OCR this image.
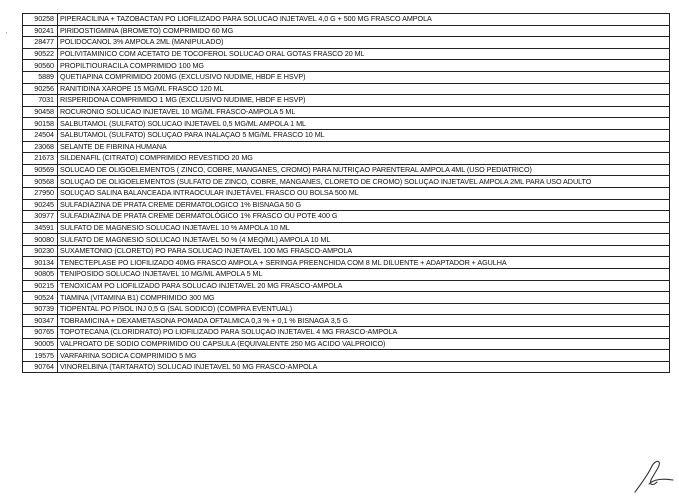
'
90258	PIPERACILINA + TAZOBACTAN PO LIOFILIZADO PARA SOLUCAO INJETAVEL 4,0 G + 500 MG FRASCO AMPOLA
90241	PIRIDOSTIGMINA (BROMETO) COMPRIMIDO 60 MG
28477	POLIDOCANOL 3% AMPOLA 2ML (MANIPULADO)
90522	POLIVITAMINICO COM ACETATO DE TOCOFEROL SOLUCAO ORAL GOTAS FRASCO 20 ML
90560	PROPILTIOURACILA COMPRIMIDO 100 MG
5889	QUETIAPINA COMPRIMIDO 200MG (EXCLUSIVO NUDIME, HBDF E HSVP)
90256	RANITIDINA XAROPE 15 MG/ML FRASCO 120 ML
7031	RISPERIDONA COMPRIMIDO 1 MG (EXCLUSIVO NUDIME, HBDF E HSVP)
90458	ROCURONIO SOLUCAO INJETAVEL 10 MG/ML FRASCO-AMPOLA 5 ML
90158	SALBUTAMOL (SULFATO) SOLUCAO INJETAVEL 0,5 MG/ML AMPOLA 1 ML
24504	SALBUTAMOL (SULFATO) SOLUÇAO PARA INALAÇAO 5 MG/ML FRASCO 10 ML
23068	SELANTE DE FIBRINA HUMANA
21673	SILDENAFIL (CITRATO) COMPRIMIDO REVESTIDO 20 MG
90569	SOLUCAO DE OLIGOELEMENTOS ( ZINCO, COBRE, MANGANES, CROMO) PARA NUTRIÇAO PARENTERAL AMPOLA 4ML (USO PEDIATRICO)
90568	SOLUÇAO DE OLIGOELEMENTOS (SULFATO DE ZINCO, COBRE, MANGANES, CLORETO DE CROMO) SOLUÇAO INJETAVEL AMPOLA 2ML PARA USO ADULTO
27950	SOLUÇAO SALINA BALANCEADA INTRAOCULAR INJETÁVEL FRASCO OU BOLSA 500 ML
90245	SULFADIAZINA DE PRATA CREME DERMATOLOGICO 1% BISNAGA 50 G
30977	SULFADIAZINA DE PRATA CREME DERMATOLÓGICO 1% FRASCO OU POTE 400 G
34591	SULFATO DE MAGNESIO SOLUCAO INJETAVEL 10 % AMPOLA 10 ML
90080	SULFATO DE MAGNESIO SOLUCAO INJETAVEL 50 % (4 MEQ/ML) AMPOLA 10 ML
90230	SUXAMETONIO (CLORETO) PO PARA SOLUCAO INJETAVEL 100 MG FRASCO-AMPOLA
90134	TENECTEPLASE PO LIOFILIZADO 40MG FRASCO AMPOLA + SERINGA PREENCHIDA COM 8 ML DILUENTE + ADAPTADOR + AGULHA
90805	TENIPOSIDO SOLUCAO INJETAVEL 10 MG/ML AMPOLA 5 ML
90215	TENOXICAM PO LIOFILIZADO PARA SOLUCAO INJETAVEL 20 MG FRASCO-AMPOLA
90524	TIAMINA (VITAMINA B1) COMPRIMIDO 300 MG
90739	TIOPENTAL PO P/SOL INJ 0,5 G (SAL SODICO) (COMPRA EVENTUAL)
90347	TOBRAMICINA + DEXAMETASONA POMADA OFTALMICA 0,3 % + 0,1 % BISNAGA 3,5 G
90765	TOPOTECANA (CLORIDRATO) PO LIOFILIZADO PARA SOLUÇAO INJETAVEL 4 MG FRASCO-AMPOLA
90005	VALPROATO DE SODIO COMPRIMIDO OU CAPSULA (EQUIVALENTE 250 MG ACIDO VALPROICO)
19575	VARFARINA SODICA COMPRIMIDO 5 MG
90764	VINORELBINA (TARTARATO) SOLUCAO INJETAVEL 50 MG FRASCO-AMPOLA
